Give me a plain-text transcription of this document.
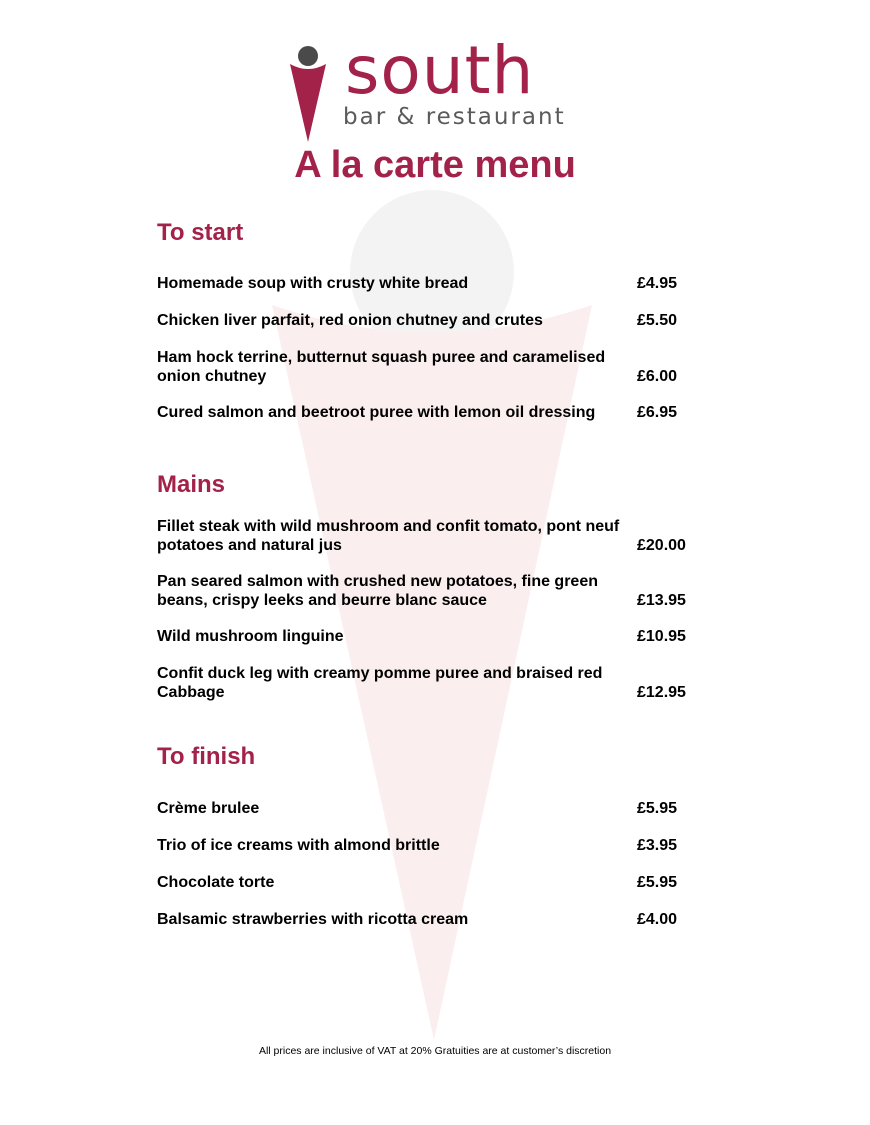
south
bar & restaurant
A la carte menu
To start
Homemade soup with crusty white bread	£4.95
Chicken liver parfait, red onion chutney and crutes	£5.50
Ham hock terrine, butternut squash puree and caramelised onion chutney	£6.00
Cured salmon and beetroot puree with lemon oil dressing	£6.95
Mains
Fillet steak with wild mushroom and confit tomato, pont neuf potatoes and natural jus	£20.00
Pan seared salmon with crushed new potatoes, fine green beans, crispy leeks and beurre blanc sauce	£13.95
Wild mushroom linguine	£10.95
Confit duck leg with creamy pomme puree and braised red Cabbage	£12.95
To finish
Crème brulee	£5.95
Trio of ice creams with almond brittle	£3.95
Chocolate torte	£5.95
Balsamic strawberries with ricotta cream	£4.00
All prices are inclusive of VAT at 20% Gratuities are at customer’s discretion
